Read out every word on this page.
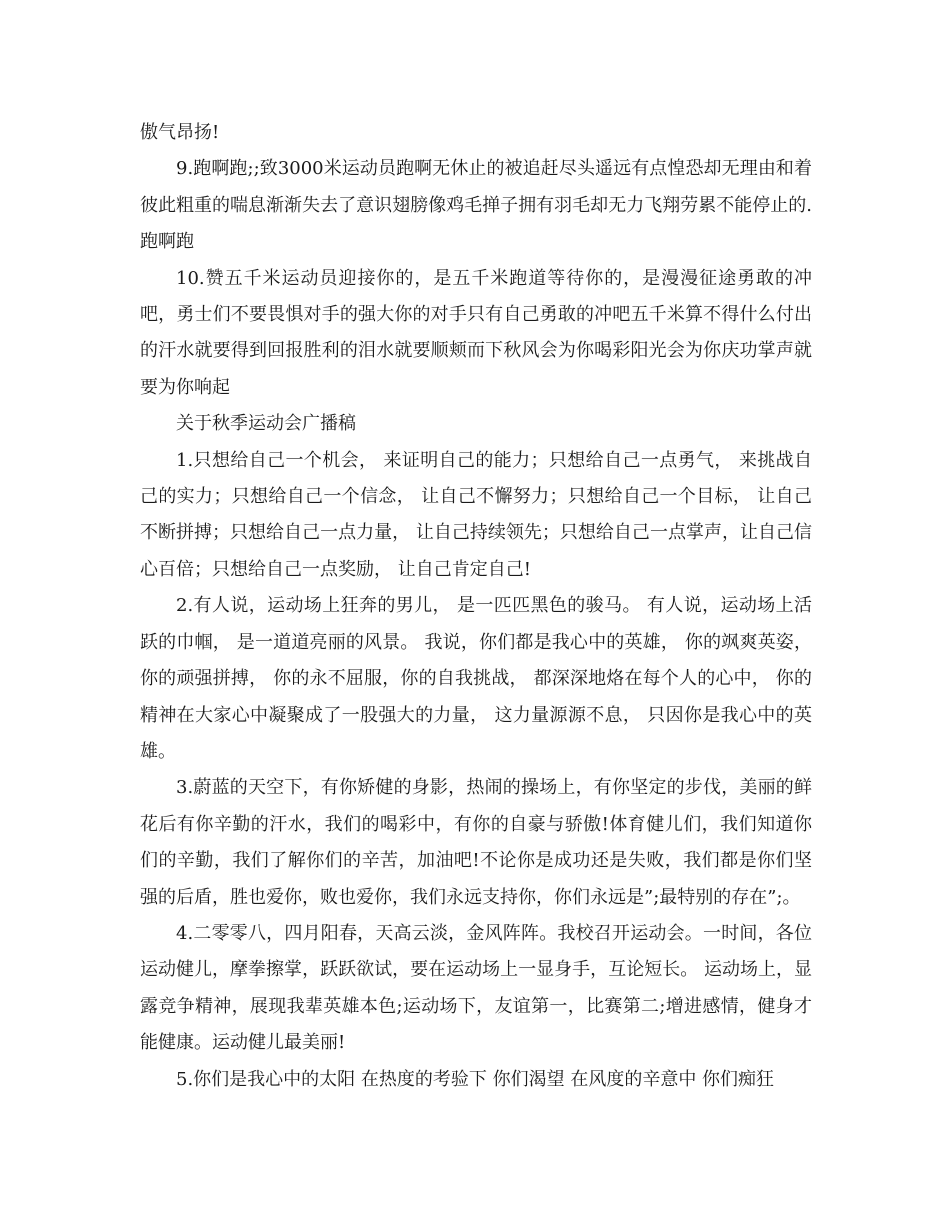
傲气昂扬!

9.跑啊跑;;致3000米运动员跑啊无休止的被追赶尽头遥远有点惶恐却无理由和着彼此粗重的喘息渐渐失去了意识翅膀像鸡毛掸子拥有羽毛却无力飞翔劳累不能停止的.跑啊跑

10.赞五千米运动员迎接你的，是五千米跑道等待你的，是漫漫征途勇敢的冲吧，勇士们不要畏惧对手的强大你的对手只有自己勇敢的冲吧五千米算不得什么付出的汗水就要得到回报胜利的泪水就要顺颊而下秋风会为你喝彩阳光会为你庆功掌声就要为你响起

关于秋季运动会广播稿

1.只想给自己一个机会， 来证明自己的能力；只想给自己一点勇气， 来挑战自己的实力；只想给自己一个信念， 让自己不懈努力；只想给自己一个目标， 让自己不断拼搏；只想给自己一点力量， 让自己持续领先；只想给自己一点掌声，让自己信心百倍；只想给自己一点奖励， 让自己肯定自己!

2.有人说，运动场上狂奔的男儿， 是一匹匹黑色的骏马。 有人说，运动场上活跃的巾帼， 是一道道亮丽的风景。 我说，你们都是我心中的英雄， 你的飒爽英姿，你的顽强拼搏， 你的永不屈服，你的自我挑战， 都深深地烙在每个人的心中， 你的精神在大家心中凝聚成了一股强大的力量， 这力量源源不息， 只因你是我心中的英雄。

3.蔚蓝的天空下，有你矫健的身影，热闹的操场上，有你坚定的步伐，美丽的鲜花后有你辛勤的汗水，我们的喝彩中，有你的自豪与骄傲!体育健儿们，我们知道你们的辛勤，我们了解你们的辛苦，加油吧!不论你是成功还是失败，我们都是你们坚强的后盾，胜也爱你，败也爱你，我们永远支持你，你们永远是”;最特别的存在”;。

4.二零零八，四月阳春，天高云淡，金风阵阵。我校召开运动会。一时间，各位运动健儿，摩拳擦掌，跃跃欲试，要在运动场上一显身手，互论短长。 运动场上，显露竞争精神，展现我辈英雄本色;运动场下，友谊第一，比赛第二;增进感情，健身才能健康。运动健儿最美丽!

5.你们是我心中的太阳 在热度的考验下 你们渴望 在风度的辛意中 你们痴狂
